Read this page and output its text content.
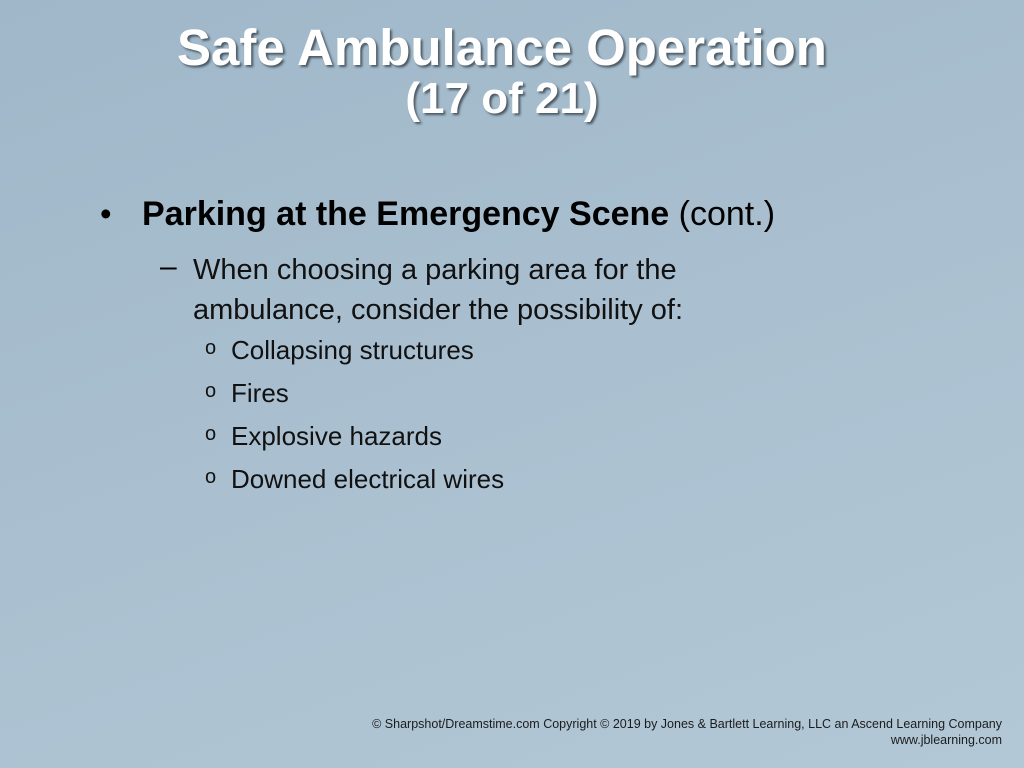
Safe Ambulance Operation
(17 of 21)
• Parking at the Emergency Scene (cont.)
– When choosing a parking area for the ambulance, consider the possibility of:
o Collapsing structures
o Fires
o Explosive hazards
o Downed electrical wires
© Sharpshot/Dreamstime.com Copyright © 2019 by Jones & Bartlett Learning, LLC an Ascend Learning Company
www.jblearning.com
